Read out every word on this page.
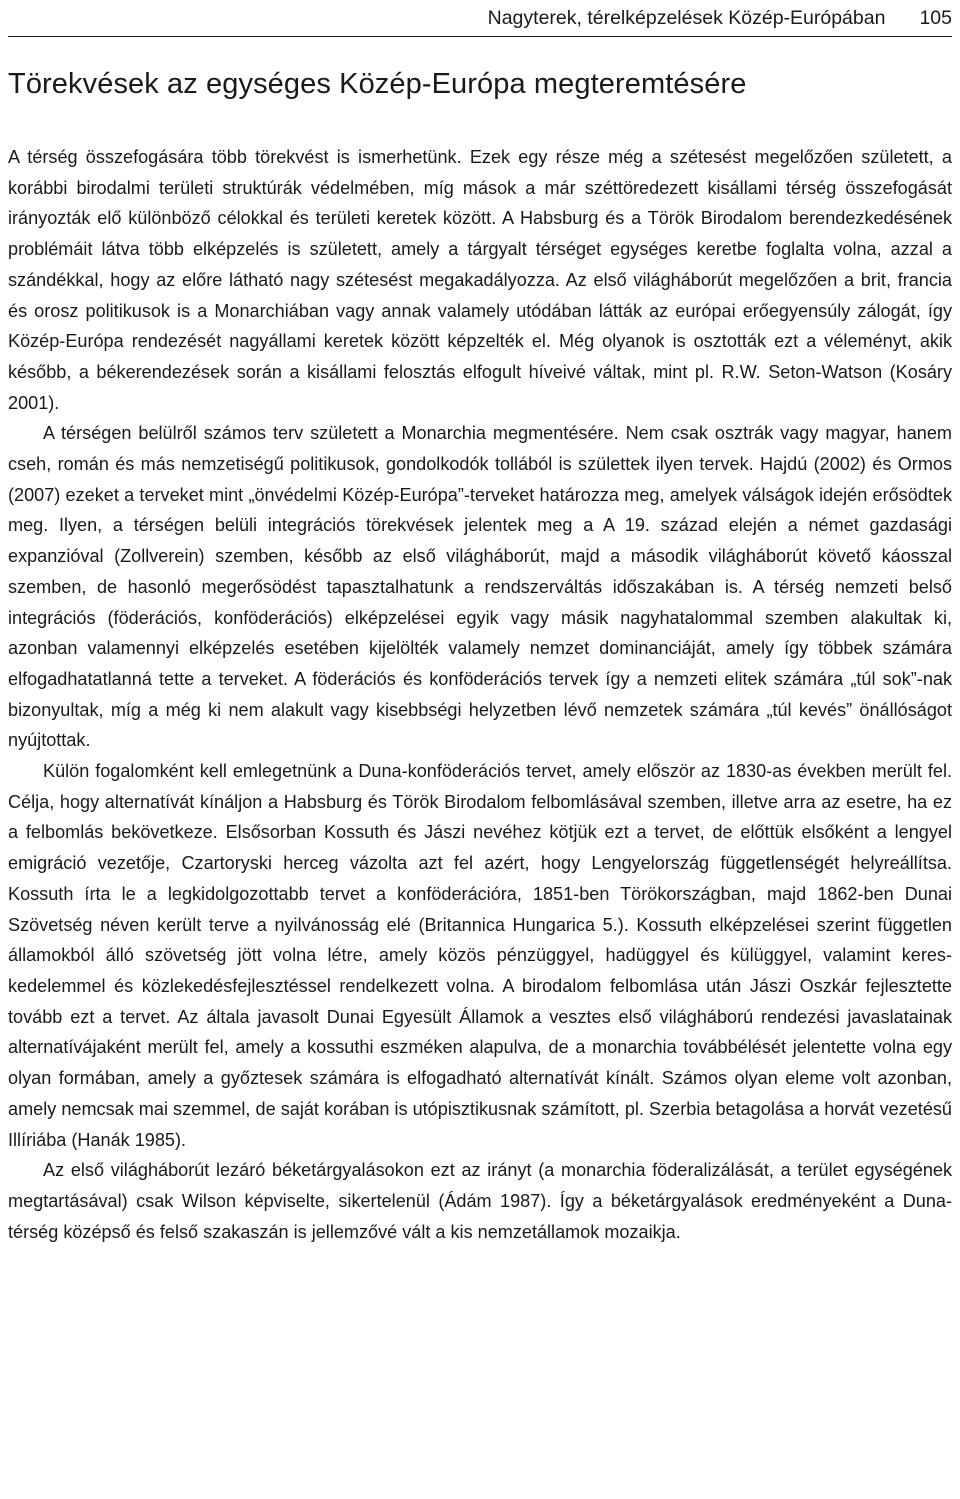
Nagyterek, térelképzelések Közép-Európában 105
Törekvések az egységes Közép-Európa megteremtésére

A térség összefogására több törekvést is ismerhetünk. Ezek egy része még a szétesést megelőzően született, a korábbi birodalmi területi struktúrák védelmében, míg mások a már széttöredezett kisállami térség összefogását irányozták elő különböző célokkal és területi keretek között. A Habsburg és a Török Birodalom berendezkedésének problémáit látva több elképzelés is született, amely a tárgyalt térséget egységes keretbe foglalta volna, azzal a szándékkal, hogy az előre látható nagy szétesést megakadályozza. Az első világháborút megelőzően a brit, francia és orosz politikusok is a Monarchiában vagy annak valamely utódában látták az európai erőegyensúly zálogát, így Közép-Európa rendezését nagyállami keretek között képzelték el. Még olyanok is osztották ezt a véleményt, akik később, a békerendezések során a kisállami felosztás elfogult híveivé váltak, mint pl. R.W. Seton-Watson (Kosáry 2001).

A térségen belülről számos terv született a Monarchia megmentésére. Nem csak osztrák vagy magyar, hanem cseh, román és más nemzetiségű politikusok, gondolkodók tollából is születtek ilyen tervek. Hajdú (2002) és Ormos (2007) ezeket a terveket mint „önvédelmi Közép-Európa”-terveket határozza meg, amelyek válságok idején erősödtek meg. Ilyen, a térségen belüli integrációs törekvések jelentek meg a A 19. század elején a német gazdasági expanzióval (Zollverein) szemben, később az első világháborút, majd a második világháborút követő káosszal szemben, de hasonló megerősödést tapasztalhatunk a rendszerváltás időszakában is. A térség nemzeti belső integrációs (föderációs, konföderációs) elképzelései egyik vagy másik nagyhatalommal szemben alakultak ki, azonban valamennyi elképzelés esetében kijelölték valamely nemzet dominanciáját, amely így többek számára elfogadhatatlanná tette a terveket. A föderációs és konföderációs tervek így a nemzeti elitek számára „túl sok”-nak bizonyultak, míg a még ki nem alakult vagy kisebbségi helyzetben lévő nemzetek számára „túl kevés” önállóságot nyújtottak.

Külön fogalomként kell emlegetnünk a Duna-konföderációs tervet, amely először az 1830-as években merült fel. Célja, hogy alternatívát kínáljon a Habsburg és Török Birodalom felbomlásával szemben, illetve arra az esetre, ha ez a felbomlás bekövetkeze. Elsősorban Kossuth és Jászi nevéhez kötjük ezt a tervet, de előttük elsőként a lengyel emigráció vezetője, Czartoryski herceg vázolta azt fel azért, hogy Lengyelország függetlenségét helyreállítsa. Kossuth írta le a legkidolgozottabb tervet a konföderációra, 1851-ben Törökországban, majd 1862-ben Dunai Szövetség néven került terve a nyilvánosság elé (Britannica Hungarica 5.). Kossuth elképzelései szerint független államokból álló szövetség jött volna létre, amely közös pénzüggyel, hadüggyel és külüggyel, valamint kereskedelemmel és közlekedésfejlesztéssel rendelkezett volna. A birodalom felbomlása után Jászi Oszkár fejlesztette tovább ezt a tervet. Az általa javasolt Dunai Egyesült Államok a vesztes első világháború rendezési javaslatainak alternatívájaként merült fel, amely a kossuthi eszméken alapulva, de a monarchia továbbélését jelentette volna egy olyan formában, amely a győztesek számára is elfogadható alternatívát kínált. Számos olyan eleme volt azonban, amely nemcsak mai szemmel, de saját korában is utópisztikusnak számított, pl. Szerbia betagolása a horvát vezetésű Illíriába (Hanák 1985).

Az első világháborút lezáró béketárgyalásokon ezt az irányt (a monarchia föderalizálását, a terület egységének megtartásával) csak Wilson képviselte, sikertelenül (Ádám 1987). Így a béketárgyalások eredményeként a Duna-térség középső és felső szakaszán is jellemzővé vált a kis nemzetállamok mozaikja.
